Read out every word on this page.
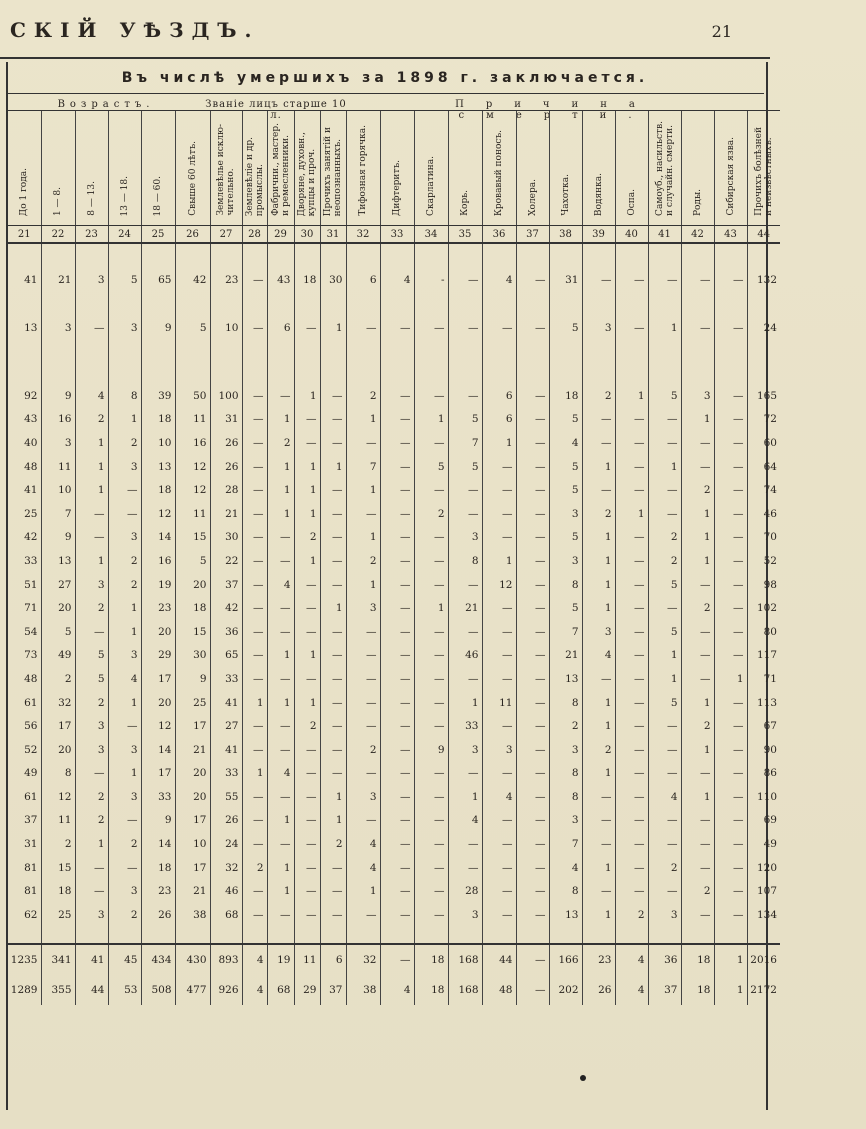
СКІЙ УѢЗДЪ.	21
Въ числѣ умершихъ за 1898 г. заключается.
Возрастъ.	Званіе лицъ старше 10 л.
Причина смерти.
До 1 года.	1 — 8.	8 — 13.	13 — 18.	18 — 60.	Свыше 60 лѣтъ.	Землевѣлье исклю-
чительно.	Землевѣліе и др.
промыслы.	Фабрични., мастер.
и ремесленники.	Дворяне, духовн.,
купцы и проч.	Прочихъ занятій и
неопознанныхъ.	Тифозная горячка.	Дифтеритъ.	Скарлатина.	Корь.	Кровавый поносъ.	Холера.	Чахотка.	Водянка.	Оспа.	Самоуб., насильств.
и случайн. смерти.	Роды.	Сибирская язва.	Прочихъ болѣзней
и неизвѣстныхъ.
21	22	23	24	25	26	27	28	29	30	31	32	33	34	35	36	37	38	39	40	41	42	43	44

41	21	3	5	65	42	23	—	43	18	30	6	4	-	—	4	—	31	—	—	—	—	—	132
13	3	—	3	9	5	10	—	6	—	1	—	—	—	—	—	—	5	3	—	1	—	—	24

92	9	4	8	39	50	100	—	—	1	—	2	—	—	—	6	—	18	2	1	5	3	—	165
43	16	2	1	18	11	31	—	1	—	—	1	—	1	5	6	—	5	—	—	—	1	—	72
40	3	1	2	10	16	26	—	2	—	—	—	—	—	7	1	—	4	—	—	—	—	—	60
48	11	1	3	13	12	26	—	1	1	1	7	—	5	5	—	—	5	1	—	1	—	—	64
41	10	1	—	18	12	28	—	1	1	—	1	—	—	—	—	—	5	—	—	—	2	—	74
25	7	—	—	12	11	21	—	1	1	—	—	—	2	—	—	—	3	2	1	—	1	—	46
42	9	—	3	14	15	30	—	—	2	—	1	—	—	3	—	—	5	1	—	2	1	—	70
33	13	1	2	16	5	22	—	—	1	—	2	—	—	8	1	—	3	1	—	2	1	—	52
51	27	3	2	19	20	37	—	4	—	—	1	—	—	—	12	—	8	1	—	5	—	—	98
71	20	2	1	23	18	42	—	—	—	1	3	—	1	21	—	—	5	1	—	—	2	—	102
54	5	—	1	20	15	36	—	—	—	—	—	—	—	—	—	—	7	3	—	5	—	—	80
73	49	5	3	29	30	65	—	1	1	—	—	—	—	46	—	—	21	4	—	1	—	—	117
48	2	5	4	17	9	33	—	—	—	—	—	—	—	—	—	—	13	—	—	1	—	1	71
61	32	2	1	20	25	41	1	1	1	—	—	—	—	1	11	—	8	1	—	5	1	—	113
56	17	3	—	12	17	27	—	—	2	—	—	—	—	33	—	—	2	1	—	—	2	—	67
52	20	3	3	14	21	41	—	—	—	—	2	—	9	3	3	—	3	2	—	—	1	—	90
49	8	—	1	17	20	33	1	4	—	—	—	—	—	—	—	—	8	1	—	—	—	—	86
61	12	2	3	33	20	55	—	—	—	1	3	—	—	1	4	—	8	—	—	4	1	—	110
37	11	2	—	9	17	26	—	1	—	1	—	—	—	4	—	—	3	—	—	—	—	—	69
31	2	1	2	14	10	24	—	—	—	2	4	—	—	—	—	—	7	—	—	—	—	—	49
81	15	—	—	18	17	32	2	1	—	—	4	—	—	—	—	—	4	1	—	2	—	—	120
81	18	—	3	23	21	46	—	1	—	—	1	—	—	28	—	—	8	—	—	—	2	—	107
62	25	3	2	26	38	68	—	—	—	—	—	—	—	3	—	—	13	1	2	3	—	—	134

1235	341	41	45	434	430	893	4	19	11	6	32	—	18	168	44	—	166	23	4	36	18	1	2016
1289	355	44	53	508	477	926	4	68	29	37	38	4	18	168	48	—	202	26	4	37	18	1	2172
